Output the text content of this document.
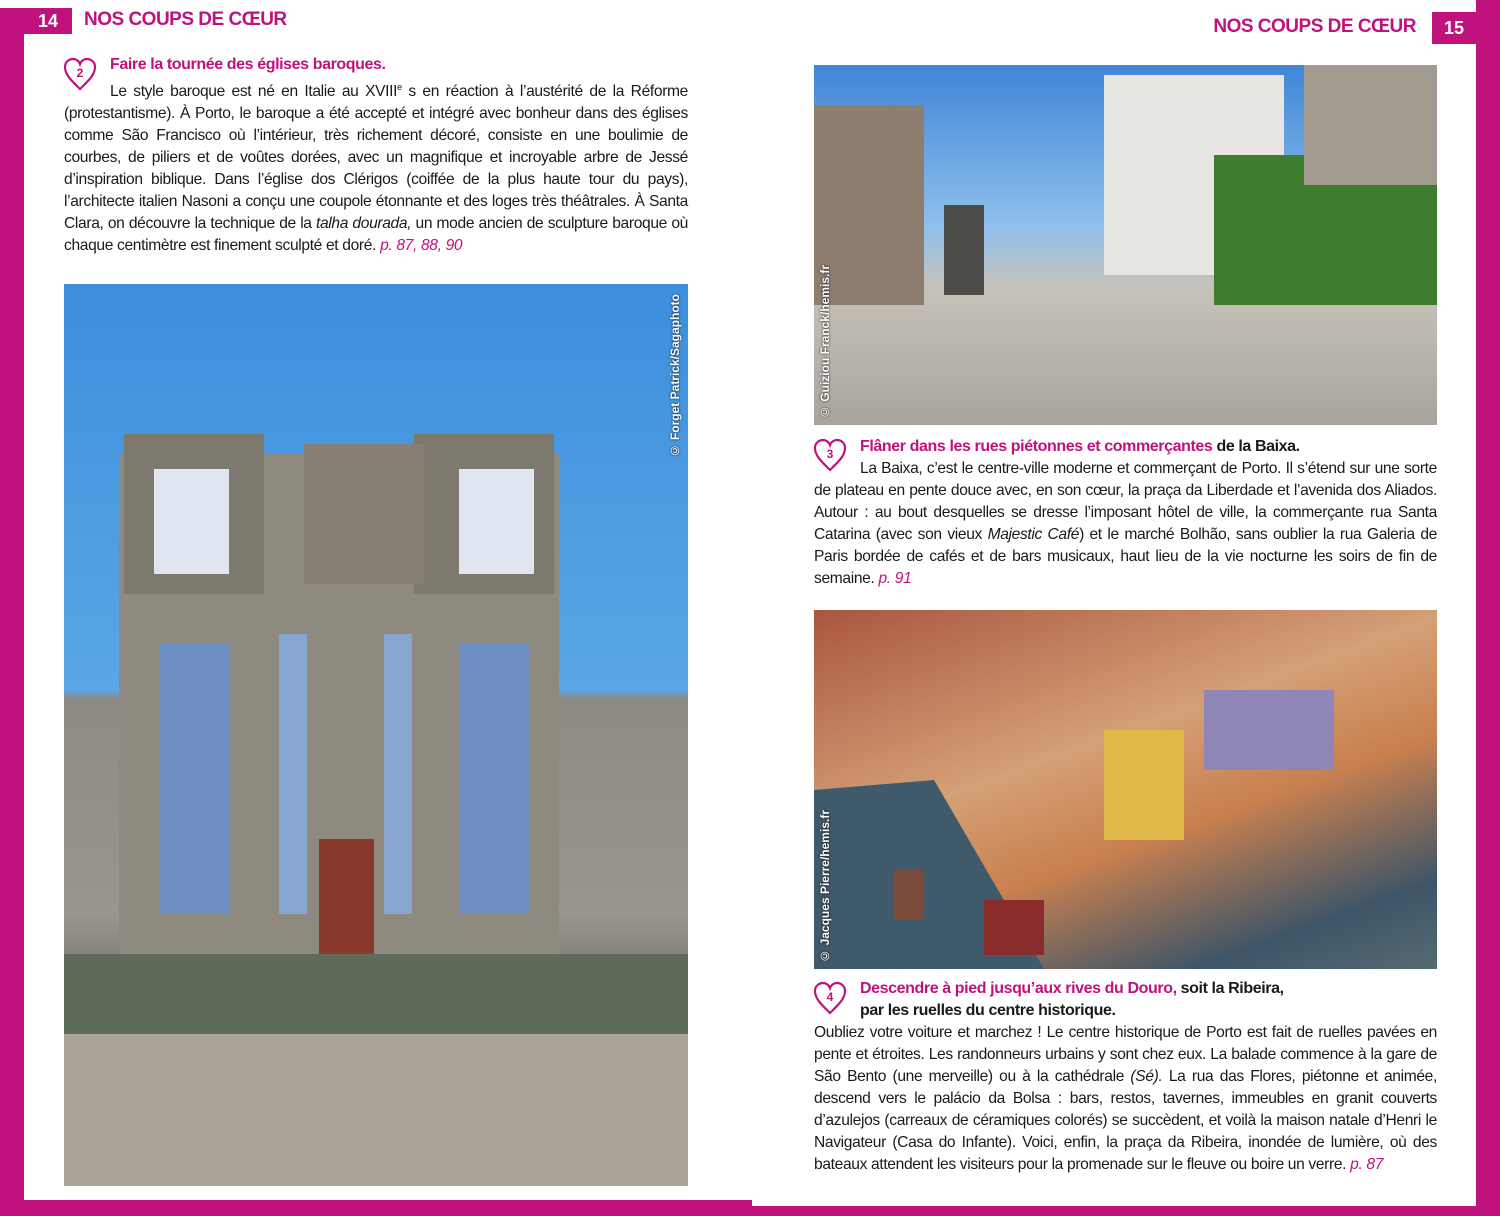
14	NOS COUPS DE CŒUR	15
NOS COUPS DE CŒUR
2	Faire la tournée des églises baroques.
Le style baroque est né en Italie au XVIIIe s en réaction à l’austérité de la Réforme (protestantisme). À Porto, le baroque a été accepté et intégré avec bonheur dans des églises comme São Francisco où l’intérieur, très richement décoré, consiste en une boulimie de courbes, de piliers et de voûtes dorées, avec un magnifique et incroyable arbre de Jessé d’inspiration biblique. Dans l’église dos Clérigos (coiffée de la plus haute tour du pays), l’architecte italien Nasoni a conçu une coupole étonnante et des loges très théâtrales. À Santa Clara, on découvre la technique de la talha dourada, un mode ancien de sculpture baroque où chaque centimètre est finement sculpté et doré. p. 87, 88, 90
© Forget Patrick/Sagaphoto	© Guiziou Franck/hemis.fr
3	Flâner dans les rues piétonnes et commerçantes de la Baixa.
La Baixa, c’est le centre-ville moderne et commerçant de Porto. Il s’étend sur une sorte de plateau en pente douce avec, en son cœur, la praça da Liberdade et l’avenida dos Aliados. Autour : au bout desquelles se dresse l’imposant hôtel de ville, la commerçante rua Santa Catarina (avec son vieux Majestic Café) et le marché Bolhão, sans oublier la rua Galeria de Paris bordée de cafés et de bars musicaux, haut lieu de la vie nocturne les soirs de fin de semaine. p. 91
© Jacques Pierre/hemis.fr
4	Descendre à pied jusqu’aux rives du Douro, soit la Ribeira,
par les ruelles du centre historique.
Oubliez votre voiture et marchez ! Le centre historique de Porto est fait de ruelles pavées en pente et étroites. Les randonneurs urbains y sont chez eux. La balade commence à la gare de São Bento (une merveille) ou à la cathédrale (Sé). La rua das Flores, piétonne et animée, descend vers le palácio da Bolsa : bars, restos, tavernes, immeubles en granit couverts d’azulejos (carreaux de céramiques colorés) se succèdent, et voilà la maison natale d’Henri le Navigateur (Casa do Infante). Voici, enfin, la praça da Ribeira, inondée de lumière, où des bateaux attendent les visiteurs pour la promenade sur le fleuve ou boire un verre. p. 87
